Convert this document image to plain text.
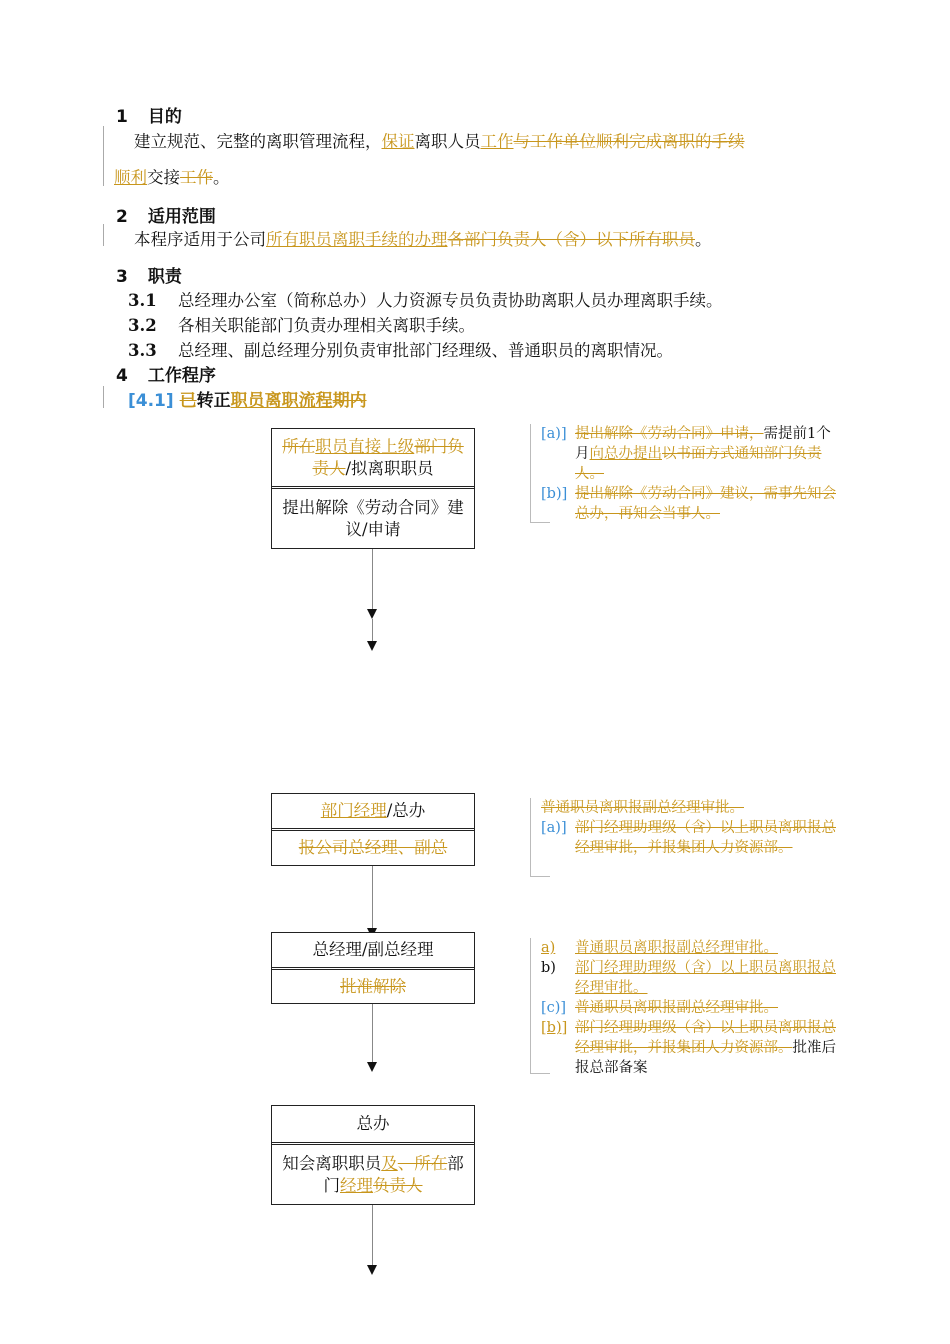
1 目的
建立规范、完整的离职管理流程，保证离职人员工作与工作单位顺利完成离职的手续
顺利交接工作。
2 适用范围
本程序适用于公司所有职员离职手续的办理各部门负责人（含）以下所有职员。
3 职责
3.1 总经理办公室（简称总办）人力资源专员负责协助离职人员办理离职手续。
3.2 各相关职能部门负责办理相关离职手续。
3.3 总经理、副总经理分别负责审批部门经理级、普通职员的离职情况。
4 工作程序
[4.1] 已转正职员离职流程期内
所在职员直接上级部门负责人/拟离职职员
提出解除《劳动合同》建议/申请
[a)] 提出解除《劳动合同》申请，需提前1个月向总办提出以书面方式通知部门负责人。
[b)] 提出解除《劳动合同》建议，需事先知会总办，再知会当事人。
部门经理/总办
报公司总经理、副总
普通职员离职报副总经理审批。
[a)] 部门经理助理级（含）以上职员离职报总经理审批，并报集团人力资源部。
总经理/副总经理
批准解除
a)	普通职员离职报副总经理审批。
b)	部门经理助理级（含）以上职员离职报总经理审批。
[c)] 普通职员离职报副总经理审批。
[b)] 部门经理助理级（含）以上职员离职报总经理审批，并报集团人力资源部。批准后报总部备案
总办
知会离职职员及、所在部门经理负责人
